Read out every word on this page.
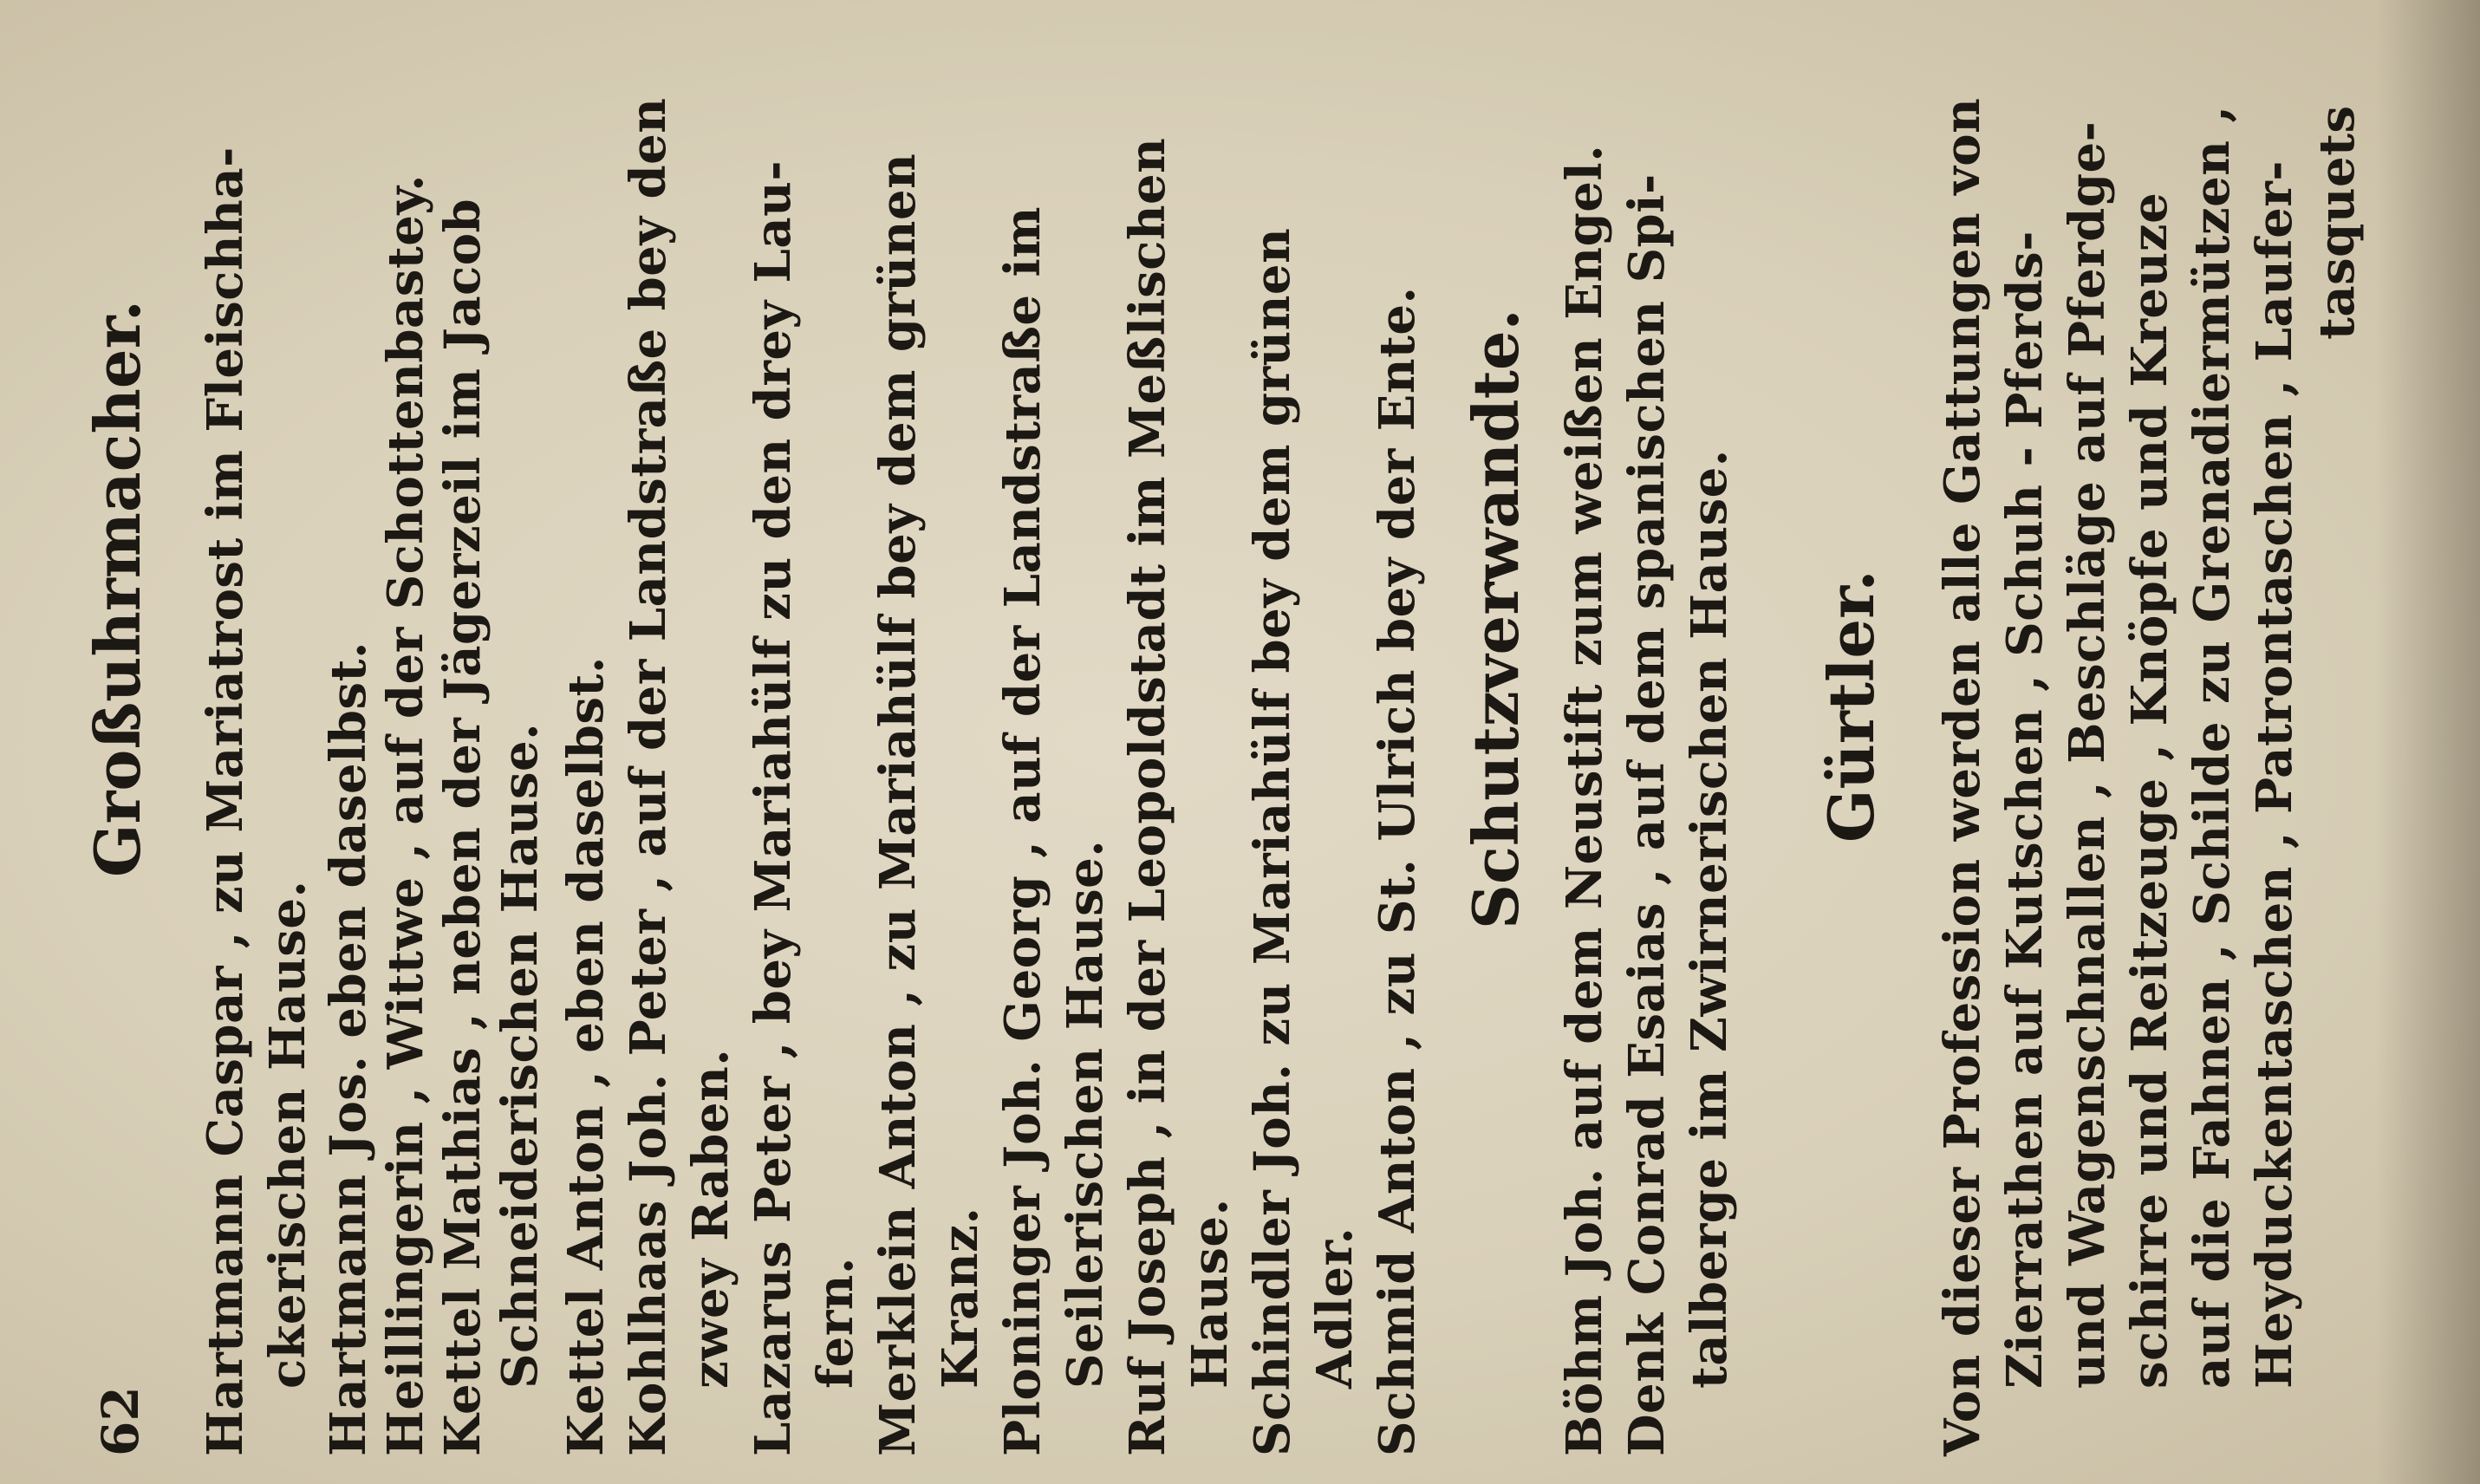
62
Großuhrmacher. Hartmann Caspar , zu Mariatrost im Fleischha- ckerischen Hause. Hartmann Jos. eben daselbst. Heillingerin , Wittwe , auf der Schottenbastey. Kettel Mathias , neben der Jägerzeil im Jacob Schneiderischen Hause. Kettel Anton , eben daselbst. Kohlhaas Joh. Peter , auf der Landstraße bey den zwey Raben. Lazarus Peter , bey Mariahülf zu den drey Lau- fern. Merklein Anton , zu Mariahülf bey dem grünen Kranz. Ploninger Joh. Georg , auf der Landstraße im Seilerischen Hause. Ruf Joseph , in der Leopoldstadt im Meßlischen Hause. Schindler Joh. zu Mariahülf bey dem grünen Adler. Schmid Anton , zu St. Ulrich bey der Ente. Schutzverwandte. Böhm Joh. auf dem Neustift zum weißen Engel. Denk Conrad Esaias , auf dem spanischen Spi- talberge im Zwirnerischen Hause. Gürtler. Von dieser Profession werden alle Gattungen von Zierrathen auf Kutschen , Schuh - Pferds- und Wagenschnallen , Beschläge auf Pferdge- schirre und Reitzeuge , Knöpfe und Kreuze auf die Fahnen , Schilde zu Grenadiermützen , Heyduckentaschen , Patrontaschen , Laufer- tasquets
